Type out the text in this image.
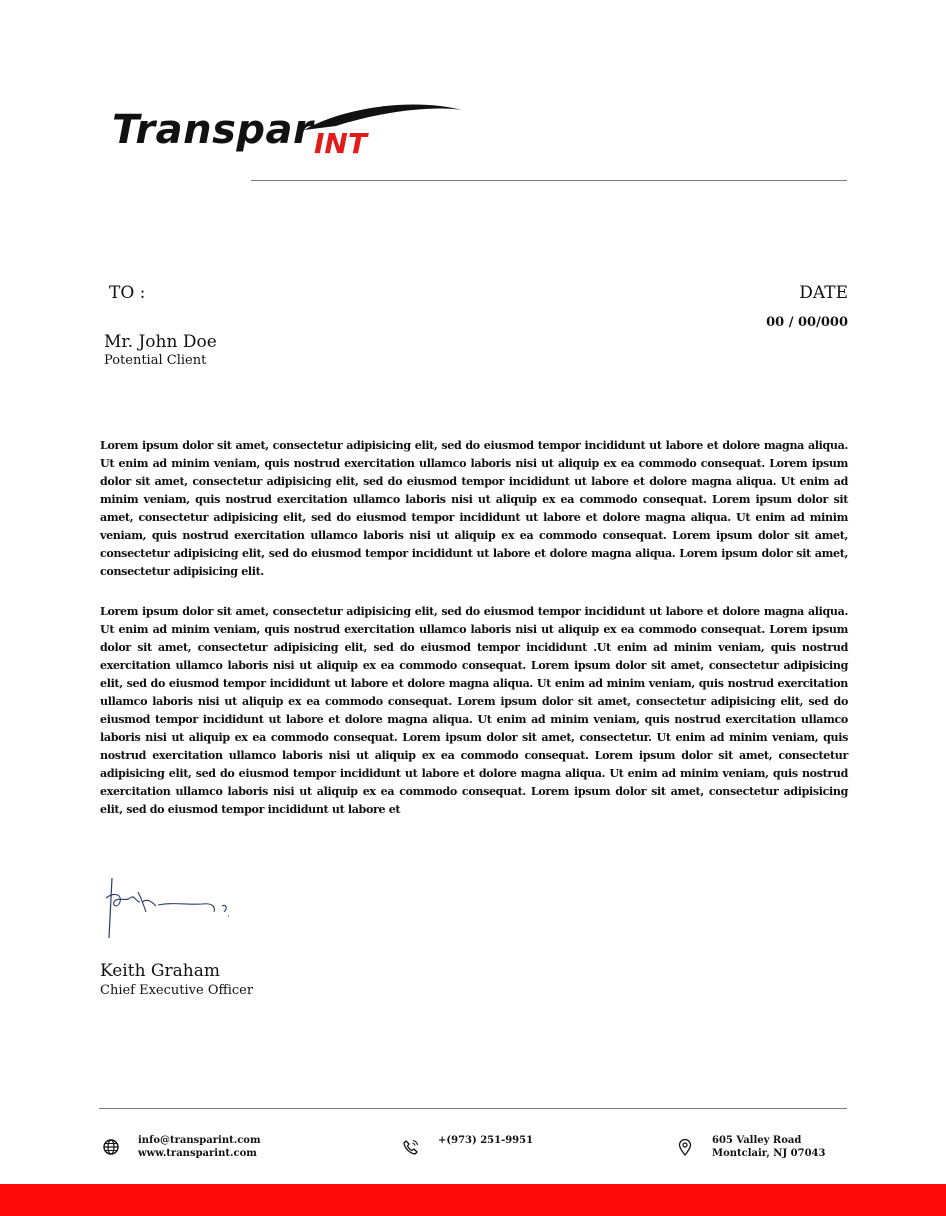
Transpar INT
TO :	DATE
00 / 00/000
Mr. John Doe
Potential Client
Lorem ipsum dolor sit amet, consectetur adipisicing elit, sed do eiusmod tempor incididunt ut labore et dolore magna aliqua. Ut enim ad minim veniam, quis nostrud exercitation ullamco laboris nisi ut aliquip ex ea commodo consequat. Lorem ipsum dolor sit amet, consectetur adipisicing elit, sed do eiusmod tempor incididunt ut labore et dolore magna aliqua. Ut enim ad minim veniam, quis nostrud exercitation ullamco laboris nisi ut aliquip ex ea commodo consequat. Lorem ipsum dolor sit amet, consectetur adipisicing elit, sed do eiusmod tempor incididunt ut labore et dolore magna aliqua. Ut enim ad minim veniam, quis nostrud exercitation ullamco laboris nisi ut aliquip ex ea commodo consequat. Lorem ipsum dolor sit amet, consectetur adipisicing elit, sed do eiusmod tempor incididunt ut labore et dolore magna aliqua. Lorem ipsum dolor sit amet, consectetur adipisicing elit.
Lorem ipsum dolor sit amet, consectetur adipisicing elit, sed do eiusmod tempor incididunt ut labore et dolore magna aliqua. Ut enim ad minim veniam, quis nostrud exercitation ullamco laboris nisi ut aliquip ex ea commodo consequat. Lorem ipsum dolor sit amet, consectetur adipisicing elit, sed do eiusmod tempor incididunt .Ut enim ad minim veniam, quis nostrud exercitation ullamco laboris nisi ut aliquip ex ea commodo consequat. Lorem ipsum dolor sit amet, consectetur adipisicing elit, sed do eiusmod tempor incididunt ut labore et dolore magna aliqua. Ut enim ad minim veniam, quis nostrud exercitation ullamco laboris nisi ut aliquip ex ea commodo consequat. Lorem ipsum dolor sit amet, consectetur adipisicing elit, sed do eiusmod tempor incididunt ut labore et dolore magna aliqua. Ut enim ad minim veniam, quis nostrud exercitation ullamco laboris nisi ut aliquip ex ea commodo consequat. Lorem ipsum dolor sit amet, consectetur. Ut enim ad minim veniam, quis nostrud exercitation ullamco laboris nisi ut aliquip ex ea commodo consequat. Lorem ipsum dolor sit amet, consectetur adipisicing elit, sed do eiusmod tempor incididunt ut labore et dolore magna aliqua. Ut enim ad minim veniam, quis nostrud exercitation ullamco laboris nisi ut aliquip ex ea commodo consequat. Lorem ipsum dolor sit amet, consectetur adipisicing elit, sed do eiusmod tempor incididunt ut labore et
Keith Graham
Chief Executive Officer
info@transparint.com
www.transparint.com
+(973) 251-9951	605 Valley Road
Montclair, NJ 07043
